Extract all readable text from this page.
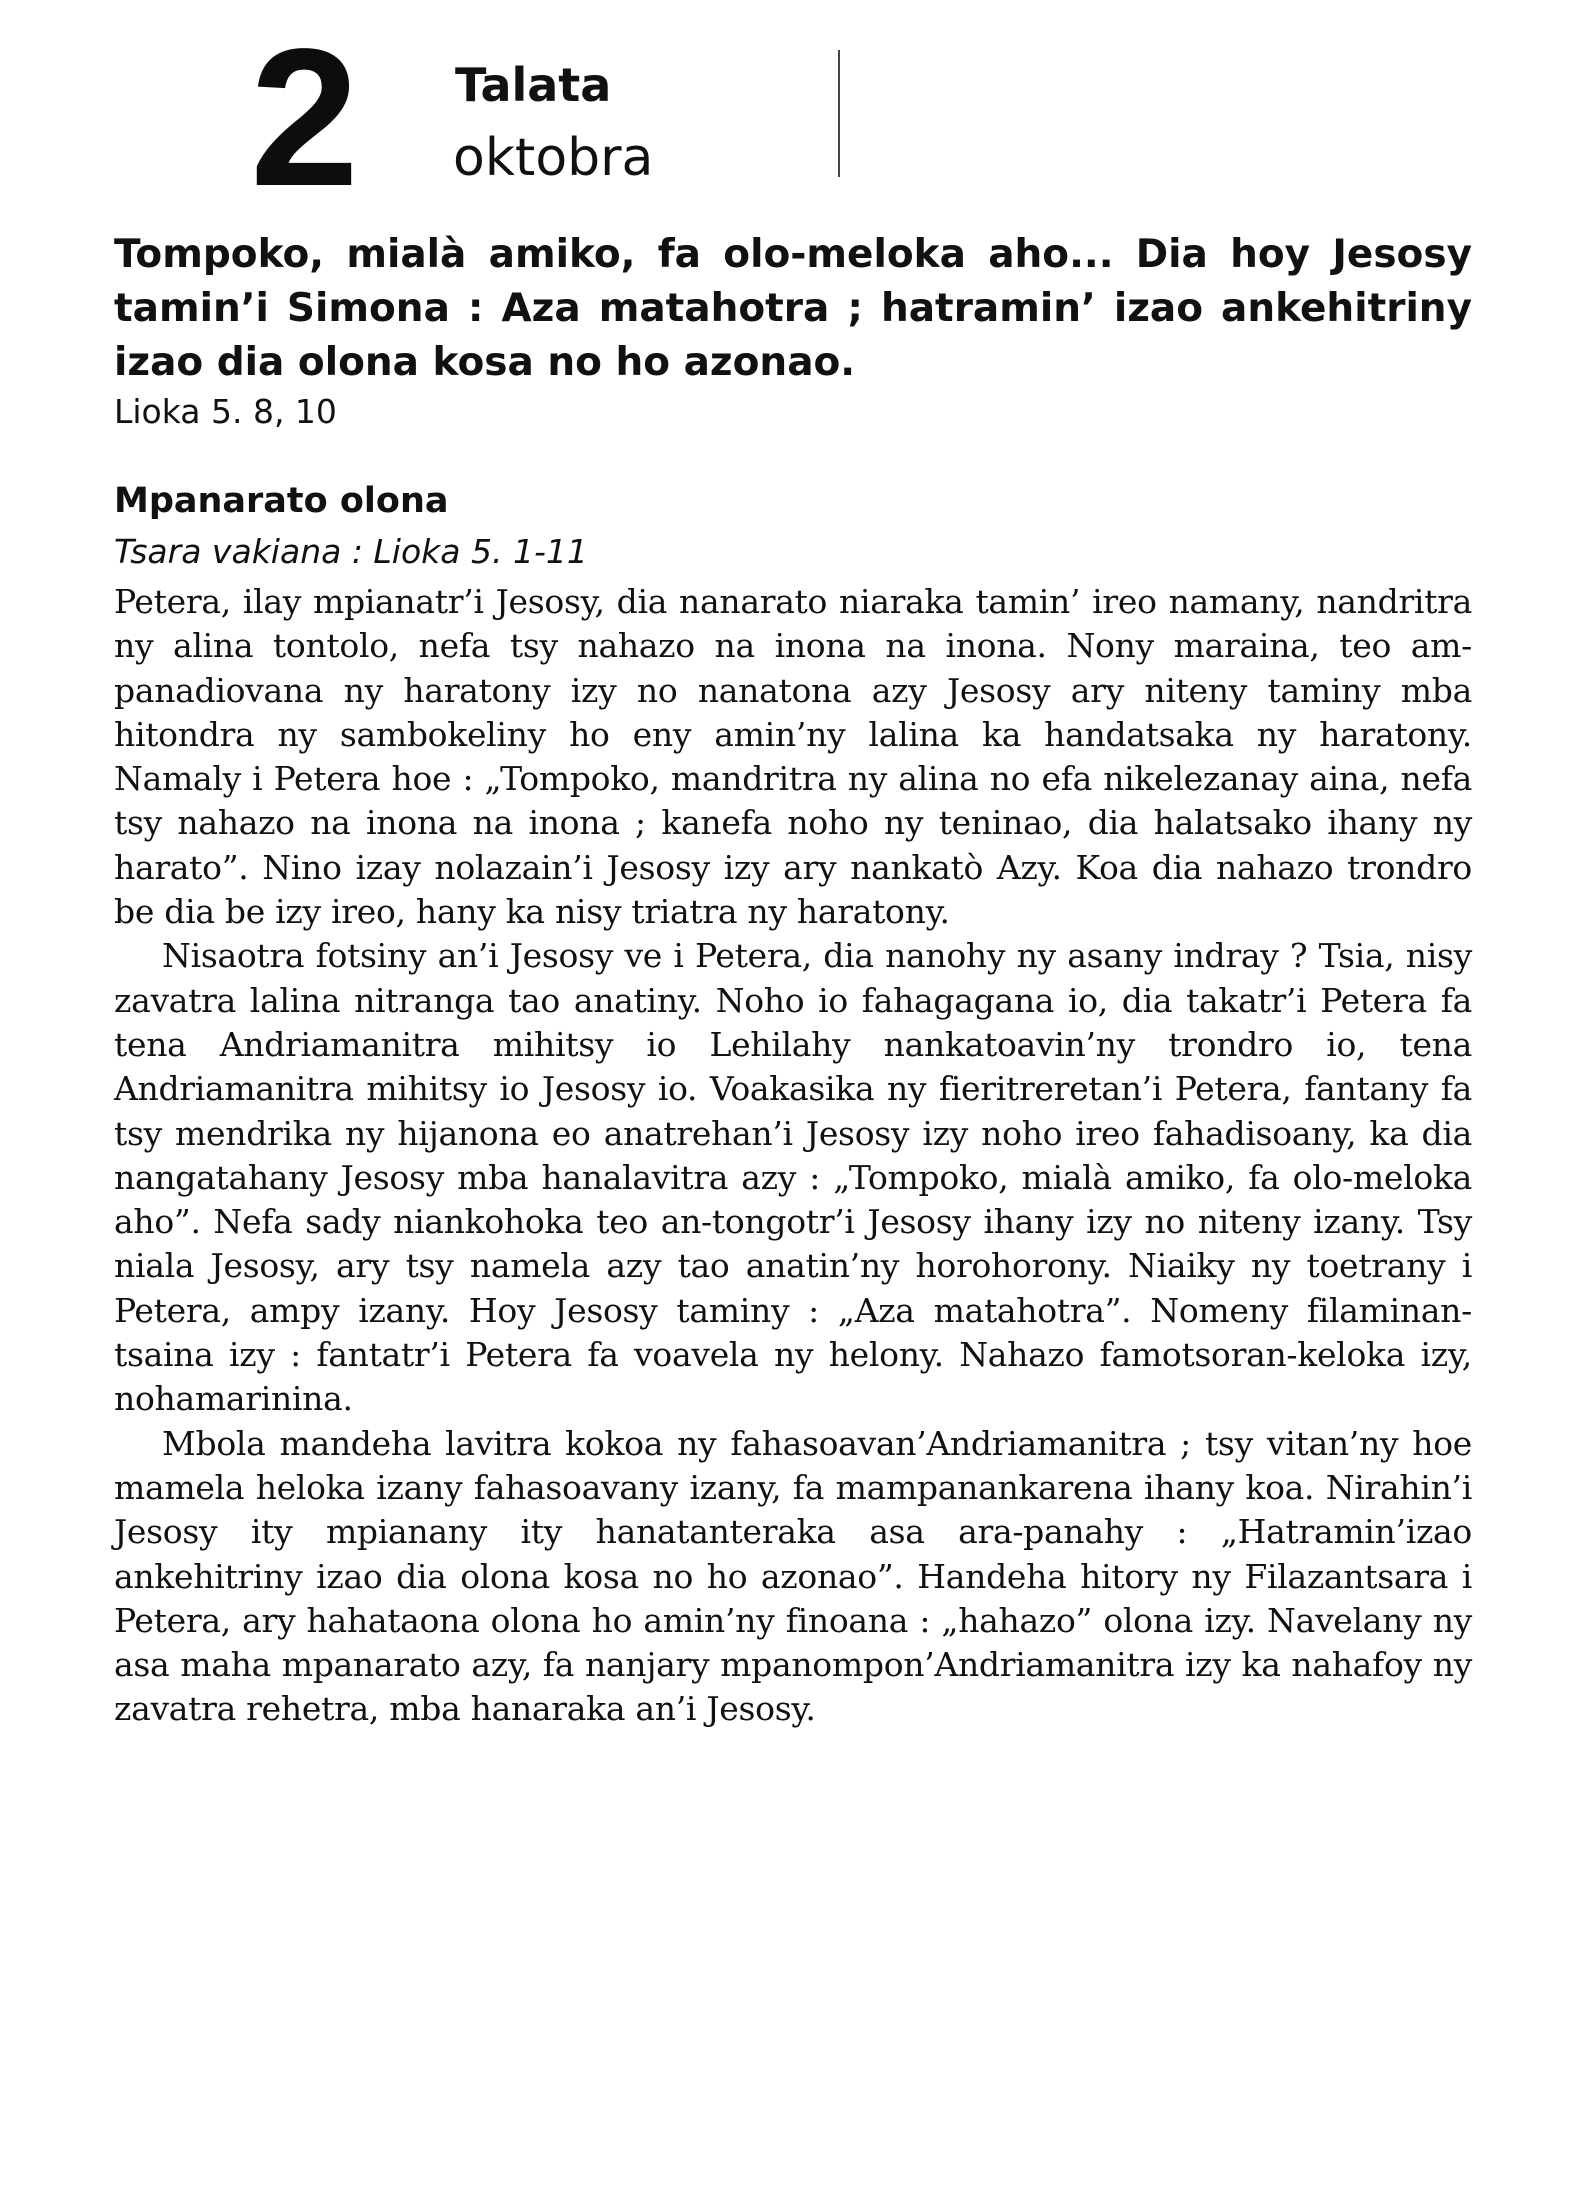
2 Talata
oktobra
Tompoko, mialà amiko, fa olo-meloka aho... Dia hoy Jesosy tamin’i Simona : Aza matahotra ; hatramin’ izao ankehitriny izao dia olona kosa no ho azonao.
Lioka 5. 8, 10
Mpanarato olona
Tsara vakiana : Lioka 5. 1-11

Petera, ilay mpianatr’i Jesosy, dia nanarato niaraka tamin’ ireo namany, nandritra ny alina tontolo, nefa tsy nahazo na inona na inona. Nony maraina, teo am-panadiovana ny haratony izy no nanatona azy Jesosy ary niteny taminy mba hitondra ny sambokeliny ho eny amin’ny lalina ka handatsaka ny haratony. Namaly i Petera hoe : „Tompoko, mandritra ny alina no efa nikelezanay aina, nefa tsy nahazo na inona na inona ; kanefa noho ny teninao, dia halatsako ihany ny harato”. Nino izay nolazain’i Jesosy izy ary nankatò Azy. Koa dia nahazo trondro be dia be izy ireo, hany ka nisy triatra ny haratony.

Nisaotra fotsiny an’i Jesosy ve i Petera, dia nanohy ny asany indray ? Tsia, nisy zavatra lalina nitranga tao anatiny. Noho io fahagagana io, dia takatr’i Petera fa tena Andriamanitra mihitsy io Lehilahy nankatoavin’ny trondro io, tena Andriamanitra mihitsy io Jesosy io. Voakasika ny fieritreretan’i Petera, fantany fa tsy mendrika ny hijanona eo anatrehan’i Jesosy izy noho ireo fahadisoany, ka dia nangatahany Jesosy mba hanalavitra azy : „Tompoko, mialà amiko, fa olo-meloka aho”. Nefa sady niankohoka teo an-tongotr’i Jesosy ihany izy no niteny izany. Tsy niala Jesosy, ary tsy namela azy tao anatin’ny horohorony. Niaiky ny toetrany i Petera, ampy izany. Hoy Jesosy taminy : „Aza matahotra”. Nomeny filaminan-tsaina izy : fantatr’i Petera fa voavela ny helony. Nahazo famotsoran-keloka izy, nohamarinina.

Mbola mandeha lavitra kokoa ny fahasoavan’Andriamanitra ; tsy vitan’ny hoe mamela heloka izany fahasoavany izany, fa mampanankarena ihany koa. Nirahin’i Jesosy ity mpianany ity hanatanteraka asa ara-panahy : „Hatramin’izao ankehitriny izao dia olona kosa no ho azonao”. Handeha hitory ny Filazantsara i Petera, ary hahataona olona ho amin’ny finoana : „hahazo” olona izy. Navelany ny asa maha mpanarato azy, fa nanjary mpanompon’Andriamanitra izy ka nahafoy ny zavatra rehetra, mba hanaraka an’i Jesosy.
